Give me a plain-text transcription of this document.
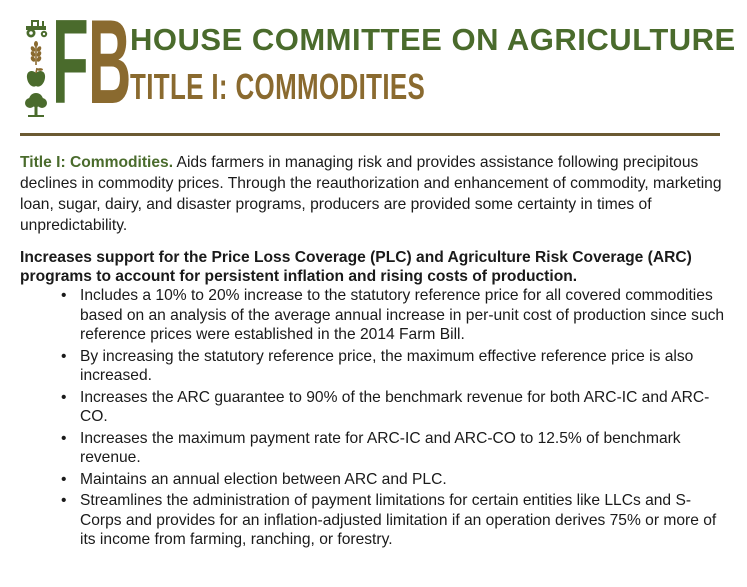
F B
HOUSE COMMITTEE ON AGRICULTURE
TITLE I: COMMODITIES

Title I: Commodities. Aids farmers in managing risk and provides assistance following precipitous declines in commodity prices. Through the reauthorization and enhancement of commodity, marketing loan, sugar, dairy, and disaster programs, producers are provided some certainty in times of unpredictability.

Increases support for the Price Loss Coverage (PLC) and Agriculture Risk Coverage (ARC) programs to account for persistent inflation and rising costs of production.

• Includes a 10% to 20% increase to the statutory reference price for all covered commodities based on an analysis of the average annual increase in per-unit cost of production since such reference prices were established in the 2014 Farm Bill.
• By increasing the statutory reference price, the maximum effective reference price is also increased.
• Increases the ARC guarantee to 90% of the benchmark revenue for both ARC-IC and ARC-CO.
• Increases the maximum payment rate for ARC-IC and ARC-CO to 12.5% of benchmark revenue.
• Maintains an annual election between ARC and PLC.
• Streamlines the administration of payment limitations for certain entities like LLCs and S-Corps and provides for an inflation-adjusted limitation if an operation derives 75% or more of its income from farming, ranching, or forestry.
